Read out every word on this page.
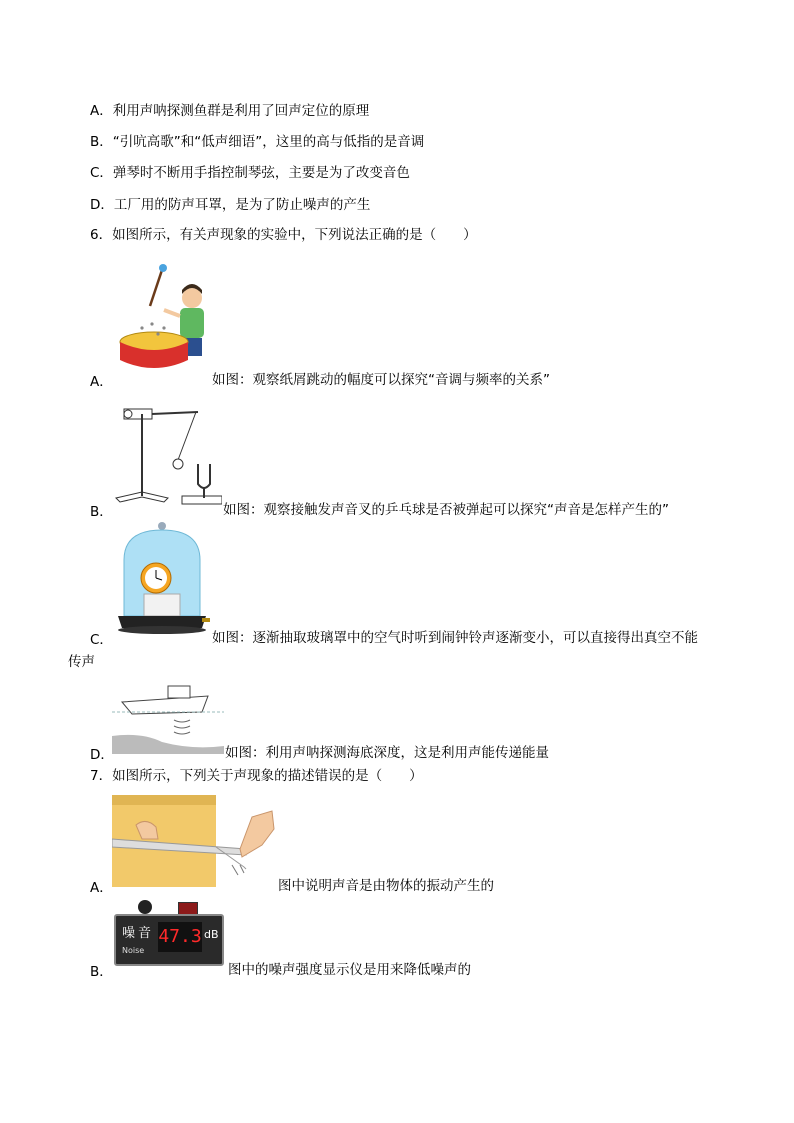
A．利用声呐探测鱼群是利用了回声定位的原理
B．“引吭高歌”和“低声细语”，这里的高与低指的是音调
C．弹琴时不断用手指控制琴弦，主要是为了改变音色
D．工厂用的防声耳罩，是为了防止噪声的产生
6．如图所示，有关声现象的实验中，下列说法正确的是（　　）
A．	如图：观察纸屑跳动的幅度可以探究“音调与频率的关系”
B．	如图：观察接触发声音叉的乒乓球是否被弹起可以探究“声音是怎样产生的”
C．	如图：逐渐抽取玻璃罩中的空气时听到闹钟铃声逐渐变小，可以直接得出真空不能
传声
D．	如图：利用声呐探测海底深度，这是利用声能传递能量
7．如图所示，下列关于声现象的描述错误的是（　　）
A．	图中说明声音是由物体的振动产生的
噪 音
Noise
47.3 dB
B．	图中的噪声强度显示仪是用来降低噪声的
